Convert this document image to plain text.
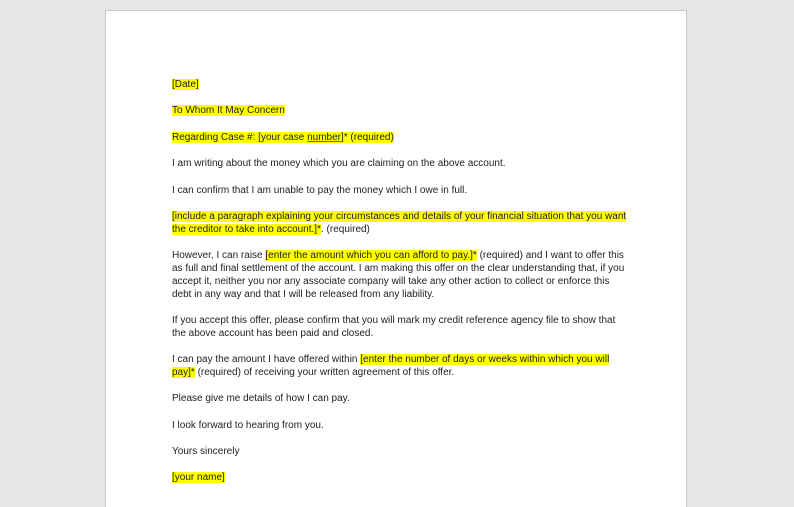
[Date]

To Whom It May Concern

Regarding Case #: [your case number]* (required)

I am writing about the money which you are claiming on the above account.

I can confirm that I am unable to pay the money which I owe in full.

[include a paragraph explaining your circumstances and details of your financial situation that you want the creditor to take into account.]*. (required)

However, I can raise [enter the amount which you can afford to pay.]* (required) and I want to offer this as full and final settlement of the account. I am making this offer on the clear understanding that, if you accept it, neither you nor any associate company will take any other action to collect or enforce this debt in any way and that I will be released from any liability.

If you accept this offer, please confirm that you will mark my credit reference agency file to show that the above account has been paid and closed.

I can pay the amount I have offered within [enter the number of days or weeks within which you will pay]* (required) of receiving your written agreement of this offer.

Please give me details of how I can pay.

I look forward to hearing from you.

Yours sincerely

[your name]
